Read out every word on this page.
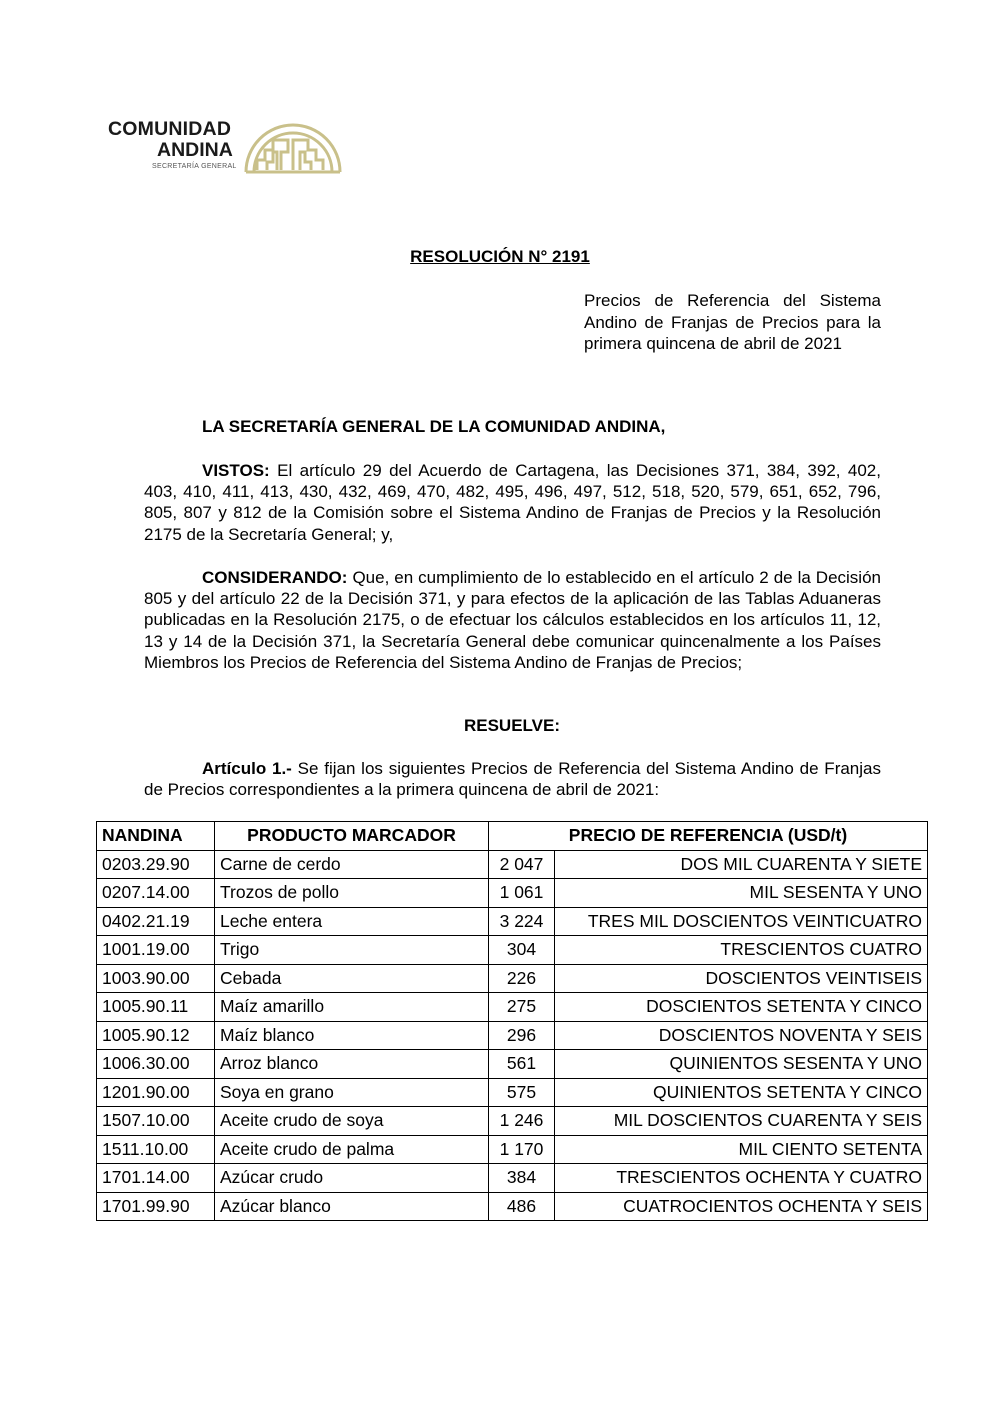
COMUNIDAD
ANDINA
SECRETARÍA GENERAL
RESOLUCIÓN N° 2191
Precios de Referencia del Sistema Andino de Franjas de Precios para la primera quincena de abril de 2021
LA SECRETARÍA GENERAL DE LA COMUNIDAD ANDINA,
VISTOS: El artículo 29 del Acuerdo de Cartagena, las Decisiones 371, 384, 392, 402, 403, 410, 411, 413, 430, 432, 469, 470, 482, 495, 496, 497, 512, 518, 520, 579, 651, 652, 796, 805, 807 y 812 de la Comisión sobre el Sistema Andino de Franjas de Precios y la Resolución 2175 de la Secretaría General; y,
CONSIDERANDO: Que, en cumplimiento de lo establecido en el artículo 2 de la Decisión 805 y del artículo 22 de la Decisión 371, y para efectos de la aplicación de las Tablas Aduaneras publicadas en la Resolución 2175, o de efectuar los cálculos establecidos en los artículos 11, 12, 13 y 14 de la Decisión 371, la Secretaría General debe comunicar quincenalmente a los Países Miembros los Precios de Referencia del Sistema Andino de Franjas de Precios;
RESUELVE:
Artículo 1.- Se fijan los siguientes Precios de Referencia del Sistema Andino de Franjas de Precios correspondientes a la primera quincena de abril de 2021:
NANDINA	PRODUCTO MARCADOR	PRECIO DE REFERENCIA (USD/t)	
0203.29.90	Carne de cerdo	2 047	DOS MIL CUARENTA Y SIETE
0207.14.00	Trozos de pollo	1 061	MIL SESENTA Y UNO
0402.21.19	Leche entera	3 224	TRES MIL DOSCIENTOS VEINTICUATRO
1001.19.00	Trigo	304	TRESCIENTOS CUATRO
1003.90.00	Cebada	226	DOSCIENTOS VEINTISEIS
1005.90.11	Maíz amarillo	275	DOSCIENTOS SETENTA Y CINCO
1005.90.12	Maíz blanco	296	DOSCIENTOS NOVENTA Y SEIS
1006.30.00	Arroz blanco	561	QUINIENTOS SESENTA Y UNO
1201.90.00	Soya en grano	575	QUINIENTOS SETENTA Y CINCO
1507.10.00	Aceite crudo de soya	1 246	MIL DOSCIENTOS CUARENTA Y SEIS
1511.10.00	Aceite crudo de palma	1 170	MIL CIENTO SETENTA
1701.14.00	Azúcar crudo	384	TRESCIENTOS OCHENTA Y CUATRO
1701.99.90	Azúcar blanco	486	CUATROCIENTOS OCHENTA Y SEIS
